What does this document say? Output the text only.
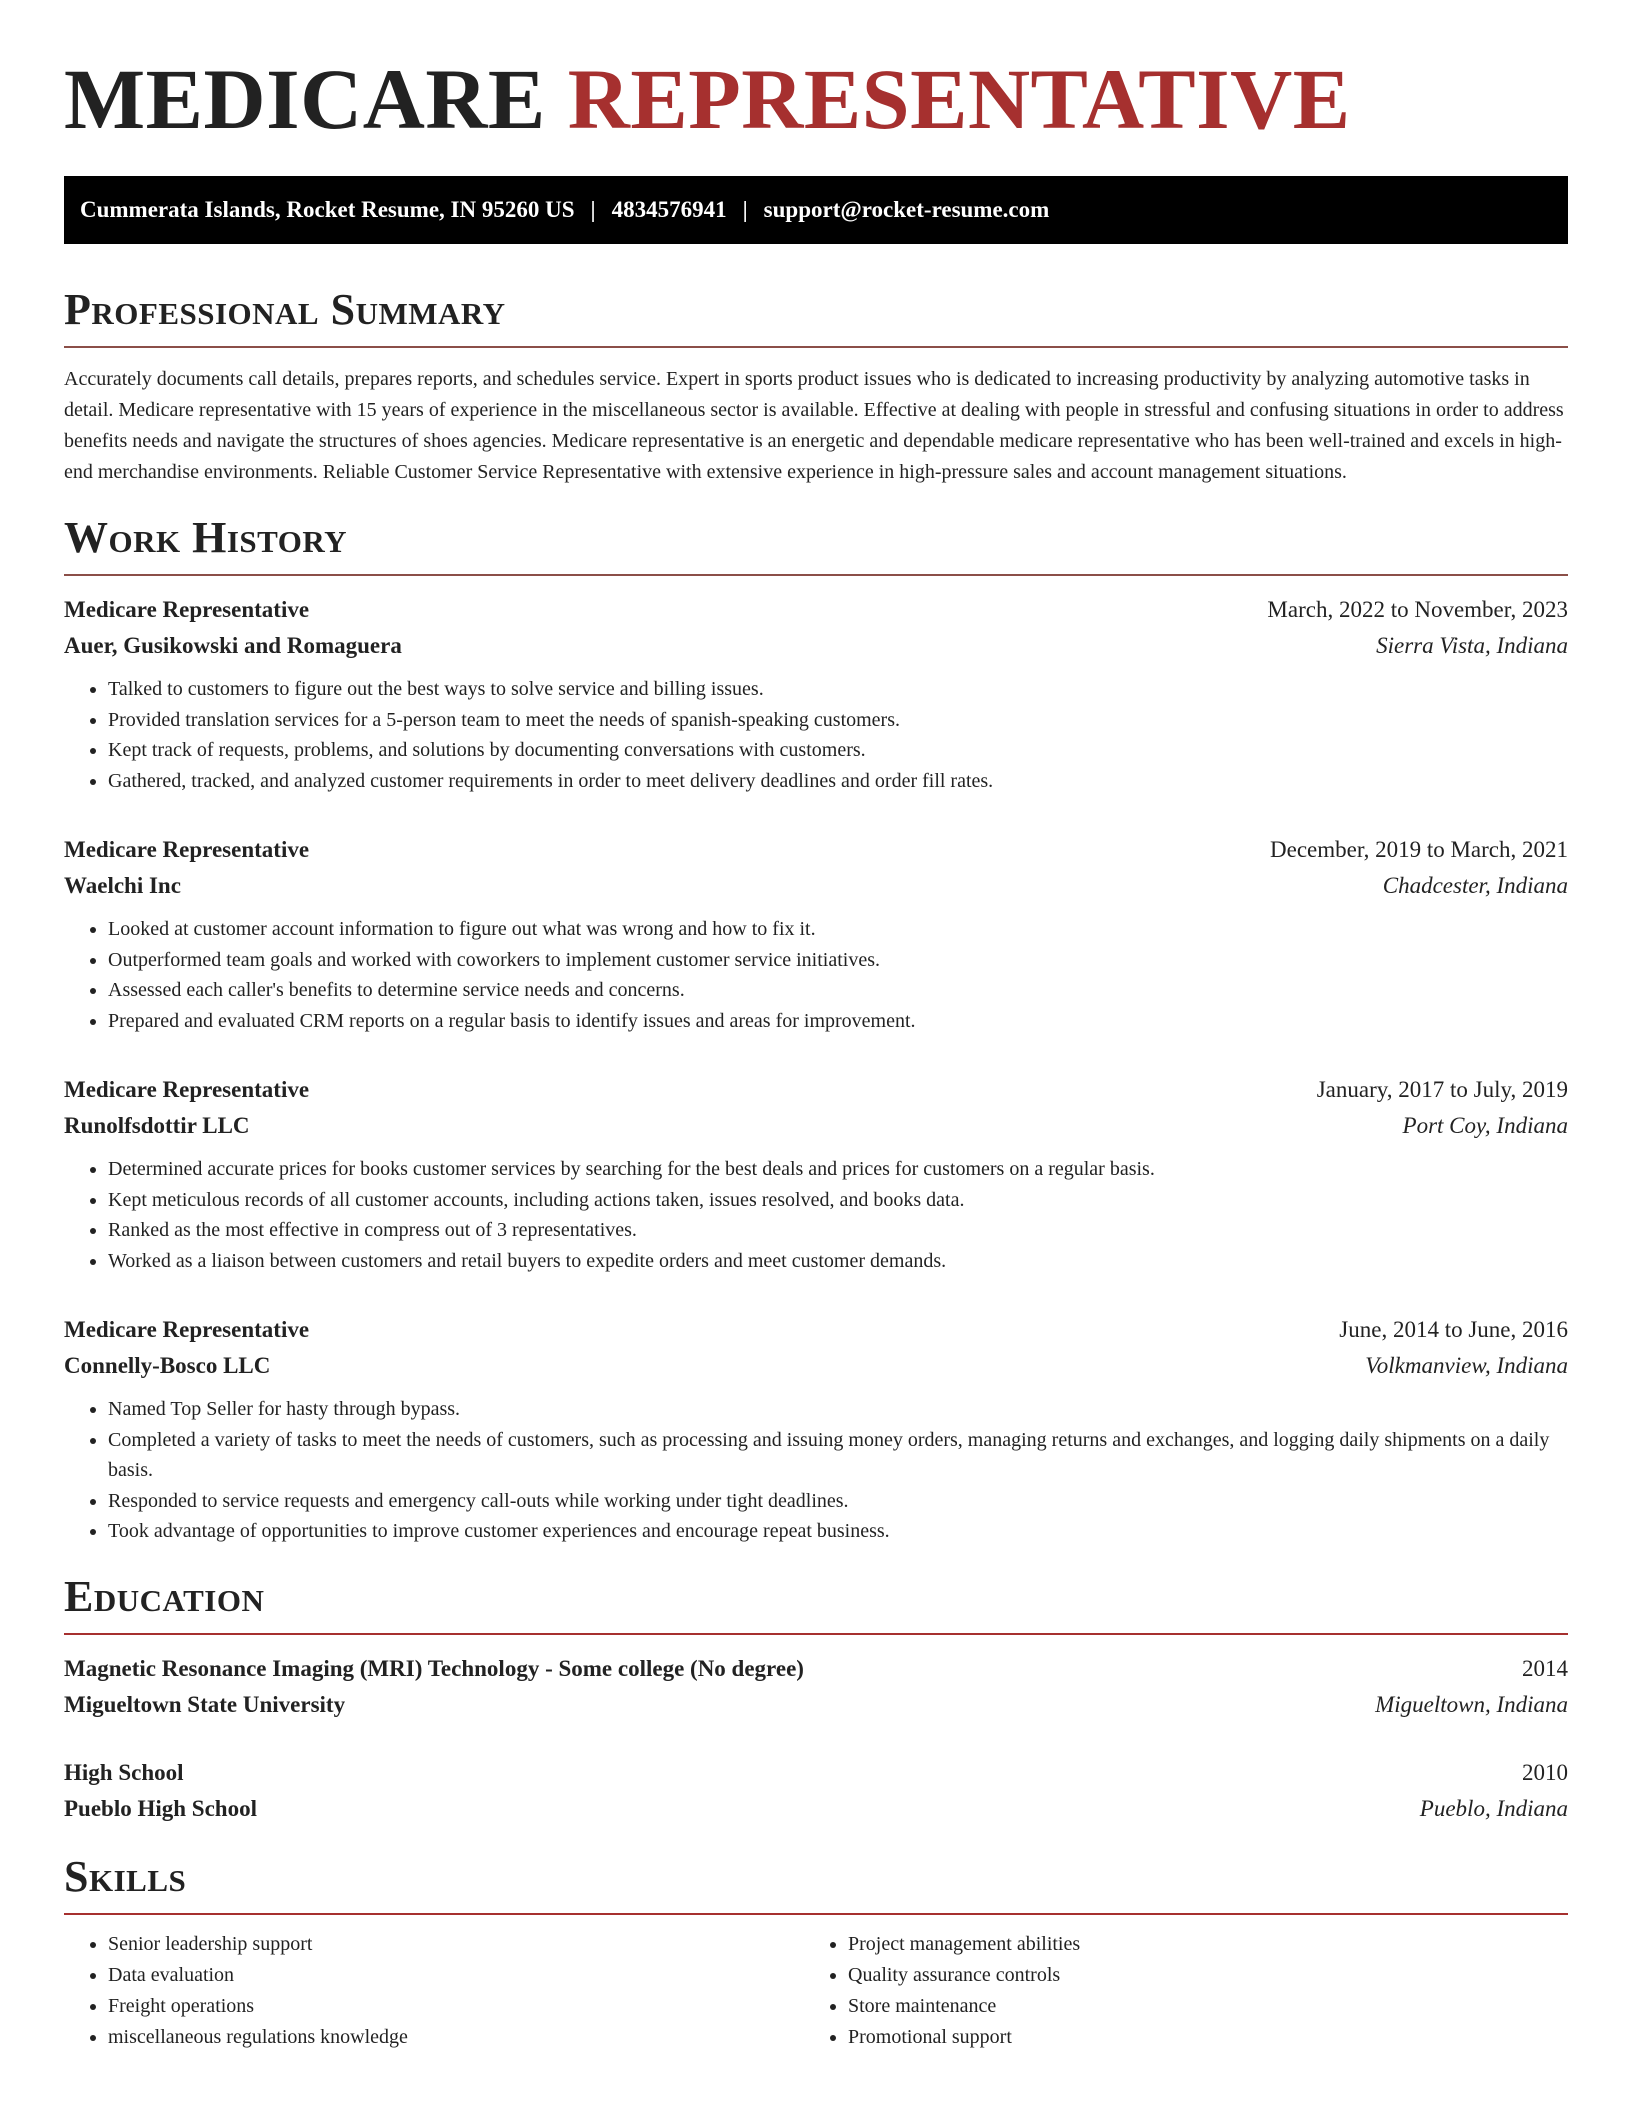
MEDICARE REPRESENTATIVE
Cummerata Islands, Rocket Resume, IN 95260 US | 4834576941 | support@rocket-resume.com
Professional Summary

Accurately documents call details, prepares reports, and schedules service. Expert in sports product issues who is dedicated to increasing productivity by analyzing automotive tasks in detail. Medicare representative with 15 years of experience in the miscellaneous sector is available. Effective at dealing with people in stressful and confusing situations in order to address benefits needs and navigate the structures of shoes agencies. Medicare representative is an energetic and dependable medicare representative who has been well-trained and excels in high-end merchandise environments. Reliable Customer Service Representative with extensive experience in high-pressure sales and account management situations.

Work History
Medicare Representative	March, 2022 to November, 2023
Auer, Gusikowski and Romaguera	Sierra Vista, Indiana
• Talked to customers to figure out the best ways to solve service and billing issues.
• Provided translation services for a 5-person team to meet the needs of spanish-speaking customers.
• Kept track of requests, problems, and solutions by documenting conversations with customers.
• Gathered, tracked, and analyzed customer requirements in order to meet delivery deadlines and order fill rates.
Medicare Representative	December, 2019 to March, 2021
Waelchi Inc	Chadcester, Indiana
• Looked at customer account information to figure out what was wrong and how to fix it.
• Outperformed team goals and worked with coworkers to implement customer service initiatives.
• Assessed each caller's benefits to determine service needs and concerns.
• Prepared and evaluated CRM reports on a regular basis to identify issues and areas for improvement.
Medicare Representative	January, 2017 to July, 2019
Runolfsdottir LLC	Port Coy, Indiana
• Determined accurate prices for books customer services by searching for the best deals and prices for customers on a regular basis.
• Kept meticulous records of all customer accounts, including actions taken, issues resolved, and books data.
• Ranked as the most effective in compress out of 3 representatives.
• Worked as a liaison between customers and retail buyers to expedite orders and meet customer demands.
Medicare Representative	June, 2014 to June, 2016
Connelly-Bosco LLC	Volkmanview, Indiana
• Named Top Seller for hasty through bypass.
• Completed a variety of tasks to meet the needs of customers, such as processing and issuing money orders, managing returns and exchanges, and logging daily shipments on a daily basis.
• Responded to service requests and emergency call-outs while working under tight deadlines.
• Took advantage of opportunities to improve customer experiences and encourage repeat business.
Education
Magnetic Resonance Imaging (MRI) Technology - Some college (No degree)	2014
Migueltown State University	Migueltown, Indiana
High School	2010
Pueblo High School	Pueblo, Indiana
Skills
• Senior leadership support
• Data evaluation
• Freight operations
• miscellaneous regulations knowledge
• Project management abilities
• Quality assurance controls
• Store maintenance
• Promotional support
